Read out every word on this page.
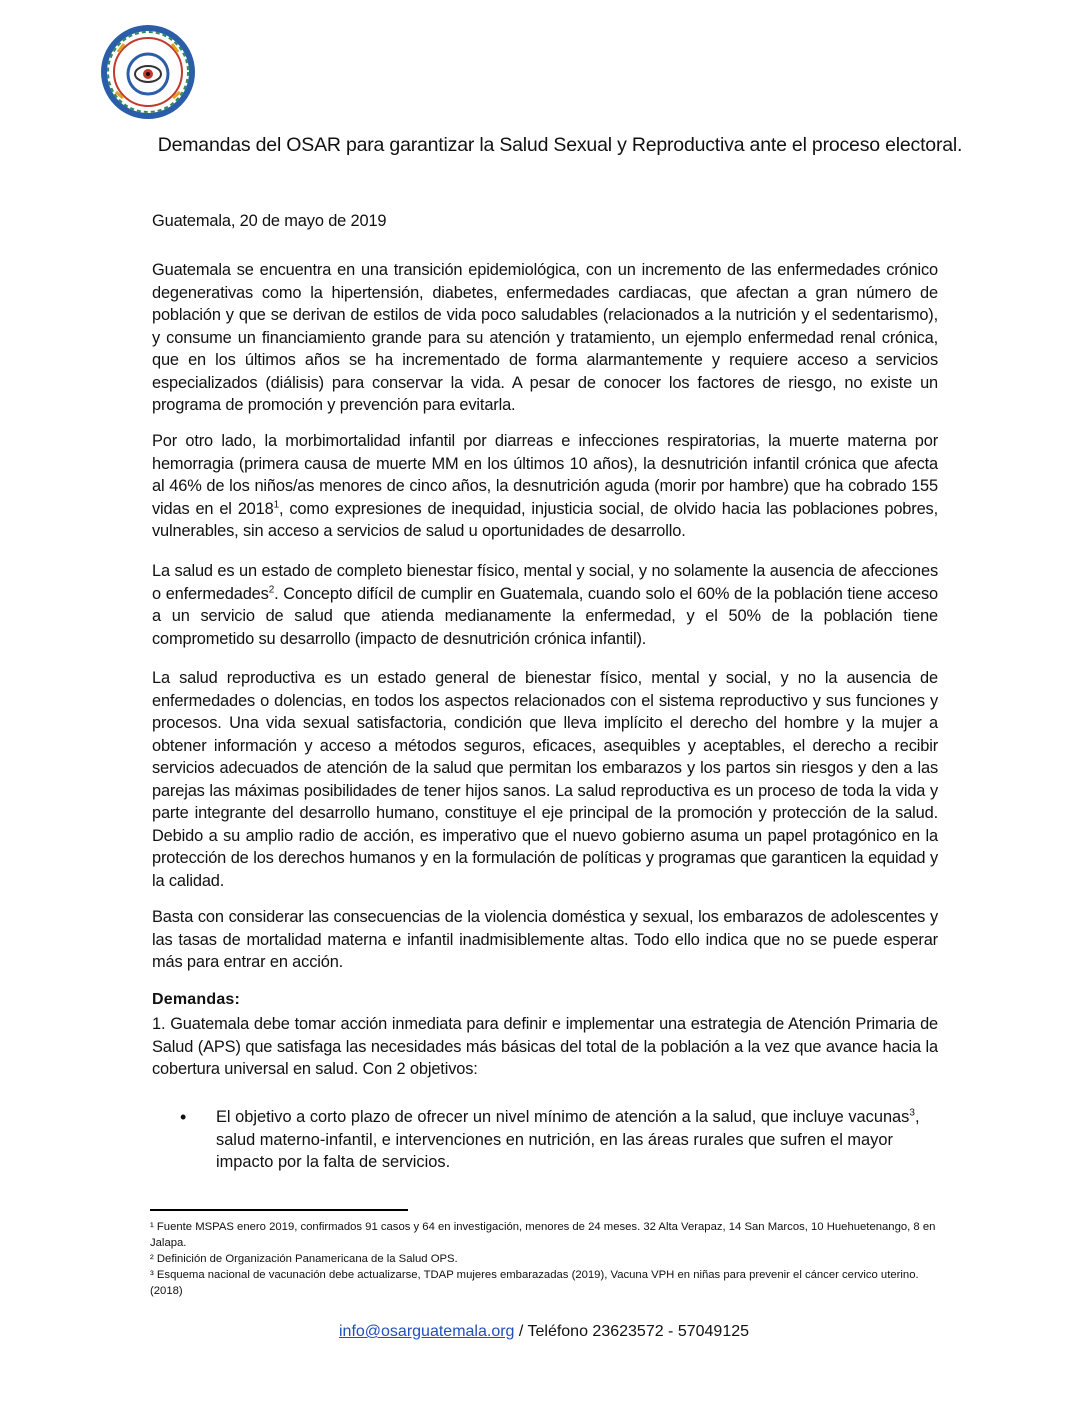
Demandas del OSAR para garantizar la Salud Sexual y Reproductiva ante el proceso electoral.
Guatemala, 20 de mayo de 2019

Guatemala se encuentra en una transición epidemiológica, con un incremento de las enfermedades crónico degenerativas como la hipertensión, diabetes, enfermedades cardiacas, que afectan a gran número de población y que se derivan de estilos de vida poco saludables (relacionados a la nutrición y el sedentarismo), y consume un financiamiento grande para su atención y tratamiento, un ejemplo enfermedad renal crónica, que en los últimos años se ha incrementado de forma alarmantemente y requiere acceso a servicios especializados (diálisis) para conservar la vida. A pesar de conocer los factores de riesgo, no existe un programa de promoción y prevención para evitarla.

Por otro lado, la morbimortalidad infantil por diarreas e infecciones respiratorias, la muerte materna por hemorragia (primera causa de muerte MM en los últimos 10 años), la desnutrición infantil crónica que afecta al 46% de los niños/as menores de cinco años, la desnutrición aguda (morir por hambre) que ha cobrado 155 vidas en el 2018$^1$, como expresiones de inequidad, injusticia social, de olvido hacia las poblaciones pobres, vulnerables, sin acceso a servicios de salud u oportunidades de desarrollo.

La salud es un estado de completo bienestar físico, mental y social, y no solamente la ausencia de afecciones o enfermedades$^2$. Concepto difícil de cumplir en Guatemala, cuando solo el 60% de la población tiene acceso a un servicio de salud que atienda medianamente la enfermedad, y el 50% de la población tiene comprometido su desarrollo (impacto de desnutrición crónica infantil).

La salud reproductiva es un estado general de bienestar físico, mental y social, y no la ausencia de enfermedades o dolencias, en todos los aspectos relacionados con el sistema reproductivo y sus funciones y procesos. Una vida sexual satisfactoria, condición que lleva implícito el derecho del hombre y la mujer a obtener información y acceso a métodos seguros, eficaces, asequibles y aceptables, el derecho a recibir servicios adecuados de atención de la salud que permitan los embarazos y los partos sin riesgos y den a las parejas las máximas posibilidades de tener hijos sanos. La salud reproductiva es un proceso de toda la vida y parte integrante del desarrollo humano, constituye el eje principal de la promoción y protección de la salud. Debido a su amplio radio de acción, es imperativo que el nuevo gobierno asuma un papel protagónico en la protección de los derechos humanos y en la formulación de políticas y programas que garanticen la equidad y la calidad.

Basta con considerar las consecuencias de la violencia doméstica y sexual, los embarazos de adolescentes y las tasas de mortalidad materna e infantil inadmisiblemente altas. Todo ello indica que no se puede esperar más para entrar en acción.

Demandas:

1. Guatemala debe tomar acción inmediata para definir e implementar una estrategia de Atención Primaria de Salud (APS) que satisfaga las necesidades más básicas del total de la población a la vez que avance hacia la cobertura universal en salud. Con 2 objetivos:

• El objetivo a corto plazo de ofrecer un nivel mínimo de atención a la salud, que incluye vacunas$^3$, salud materno-infantil, e intervenciones en nutrición, en las áreas rurales que sufren el mayor impacto por la falta de servicios.

¹ Fuente MSPAS enero 2019, confirmados 91 casos y 64 en investigación, menores de 24 meses. 32 Alta Verapaz, 14 San Marcos, 10 Huehuetenango, 8 en Jalapa.

² Definición de Organización Panamericana de la Salud OPS.

³ Esquema nacional de vacunación debe actualizarse, TDAP mujeres embarazadas (2019), Vacuna VPH en niñas para prevenir el cáncer cervico uterino. (2018)

info@osarguatemala.org / Teléfono 23623572 - 57049125
